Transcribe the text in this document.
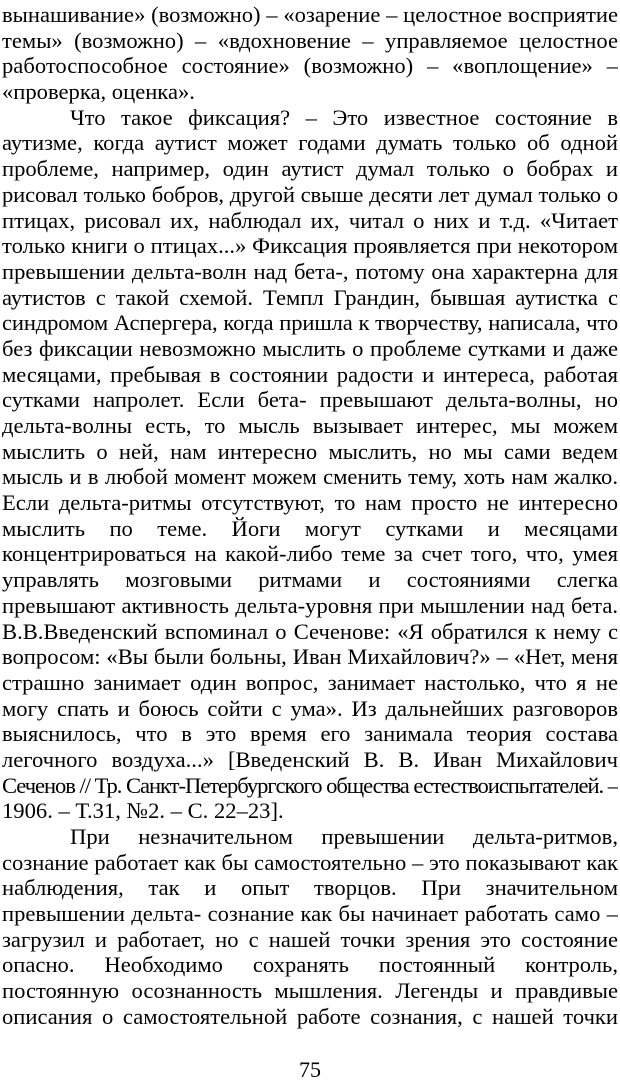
вынашивание» (возможно) – «озарение – целостное восприятие
темы» (возможно) – «вдохновение – управляемое целостное
работоспособное состояние» (возможно) – «воплощение» –
«проверка, оценка».
Что такое фиксация? – Это известное состояние в
аутизме, когда аутист может годами думать только об одной
проблеме, например, один аутист думал только о бобрах и
рисовал только бобров, другой свыше десяти лет думал только о
птицах, рисовал их, наблюдал их, читал о них и т.д. «Читает
только книги о птицах...» Фиксация проявляется при некотором
превышении дельта-волн над бета-, потому она характерна для
аутистов с такой схемой. Темпл Грандин, бывшая аутистка с
синдромом Аспергера, когда пришла к творчеству, написала, что
без фиксации невозможно мыслить о проблеме сутками и даже
месяцами, пребывая в состоянии радости и интереса, работая
сутками напролет. Если бета- превышают дельта-волны, но
дельта-волны есть, то мысль вызывает интерес, мы можем
мыслить о ней, нам интересно мыслить, но мы сами ведем
мысль и в любой момент можем сменить тему, хоть нам жалко.
Если дельта-ритмы отсутствуют, то нам просто не интересно
мыслить по теме. Йоги могут сутками и месяцами
концентрироваться на какой-либо теме за счет того, что, умея
управлять мозговыми ритмами и состояниями слегка
превышают активность дельта-уровня при мышлении над бета.
В.В.Введенский вспоминал о Сеченове: «Я обратился к нему с
вопросом: «Вы были больны, Иван Михайлович?» – «Нет, меня
страшно занимает один вопрос, занимает настолько, что я не
могу спать и боюсь сойти с ума». Из дальнейших разговоров
выяснилось, что в это время его занимала теория состава
легочного воздуха...» [Введенский В. В. Иван Михайлович
Сеченов // Тр. Санкт-Петербургского общества естествоиспытателей. –
1906. – Т.31, №2. – С. 22–23].
При незначительном превышении дельта-ритмов,
сознание работает как бы самостоятельно – это показывают как
наблюдения, так и опыт творцов. При значительном
превышении дельта- сознание как бы начинает работать само –
загрузил и работает, но с нашей точки зрения это состояние
опасно. Необходимо сохранять постоянный контроль,
постоянную осознанность мышления. Легенды и правдивые
описания о самостоятельной работе сознания, с нашей точки
75
